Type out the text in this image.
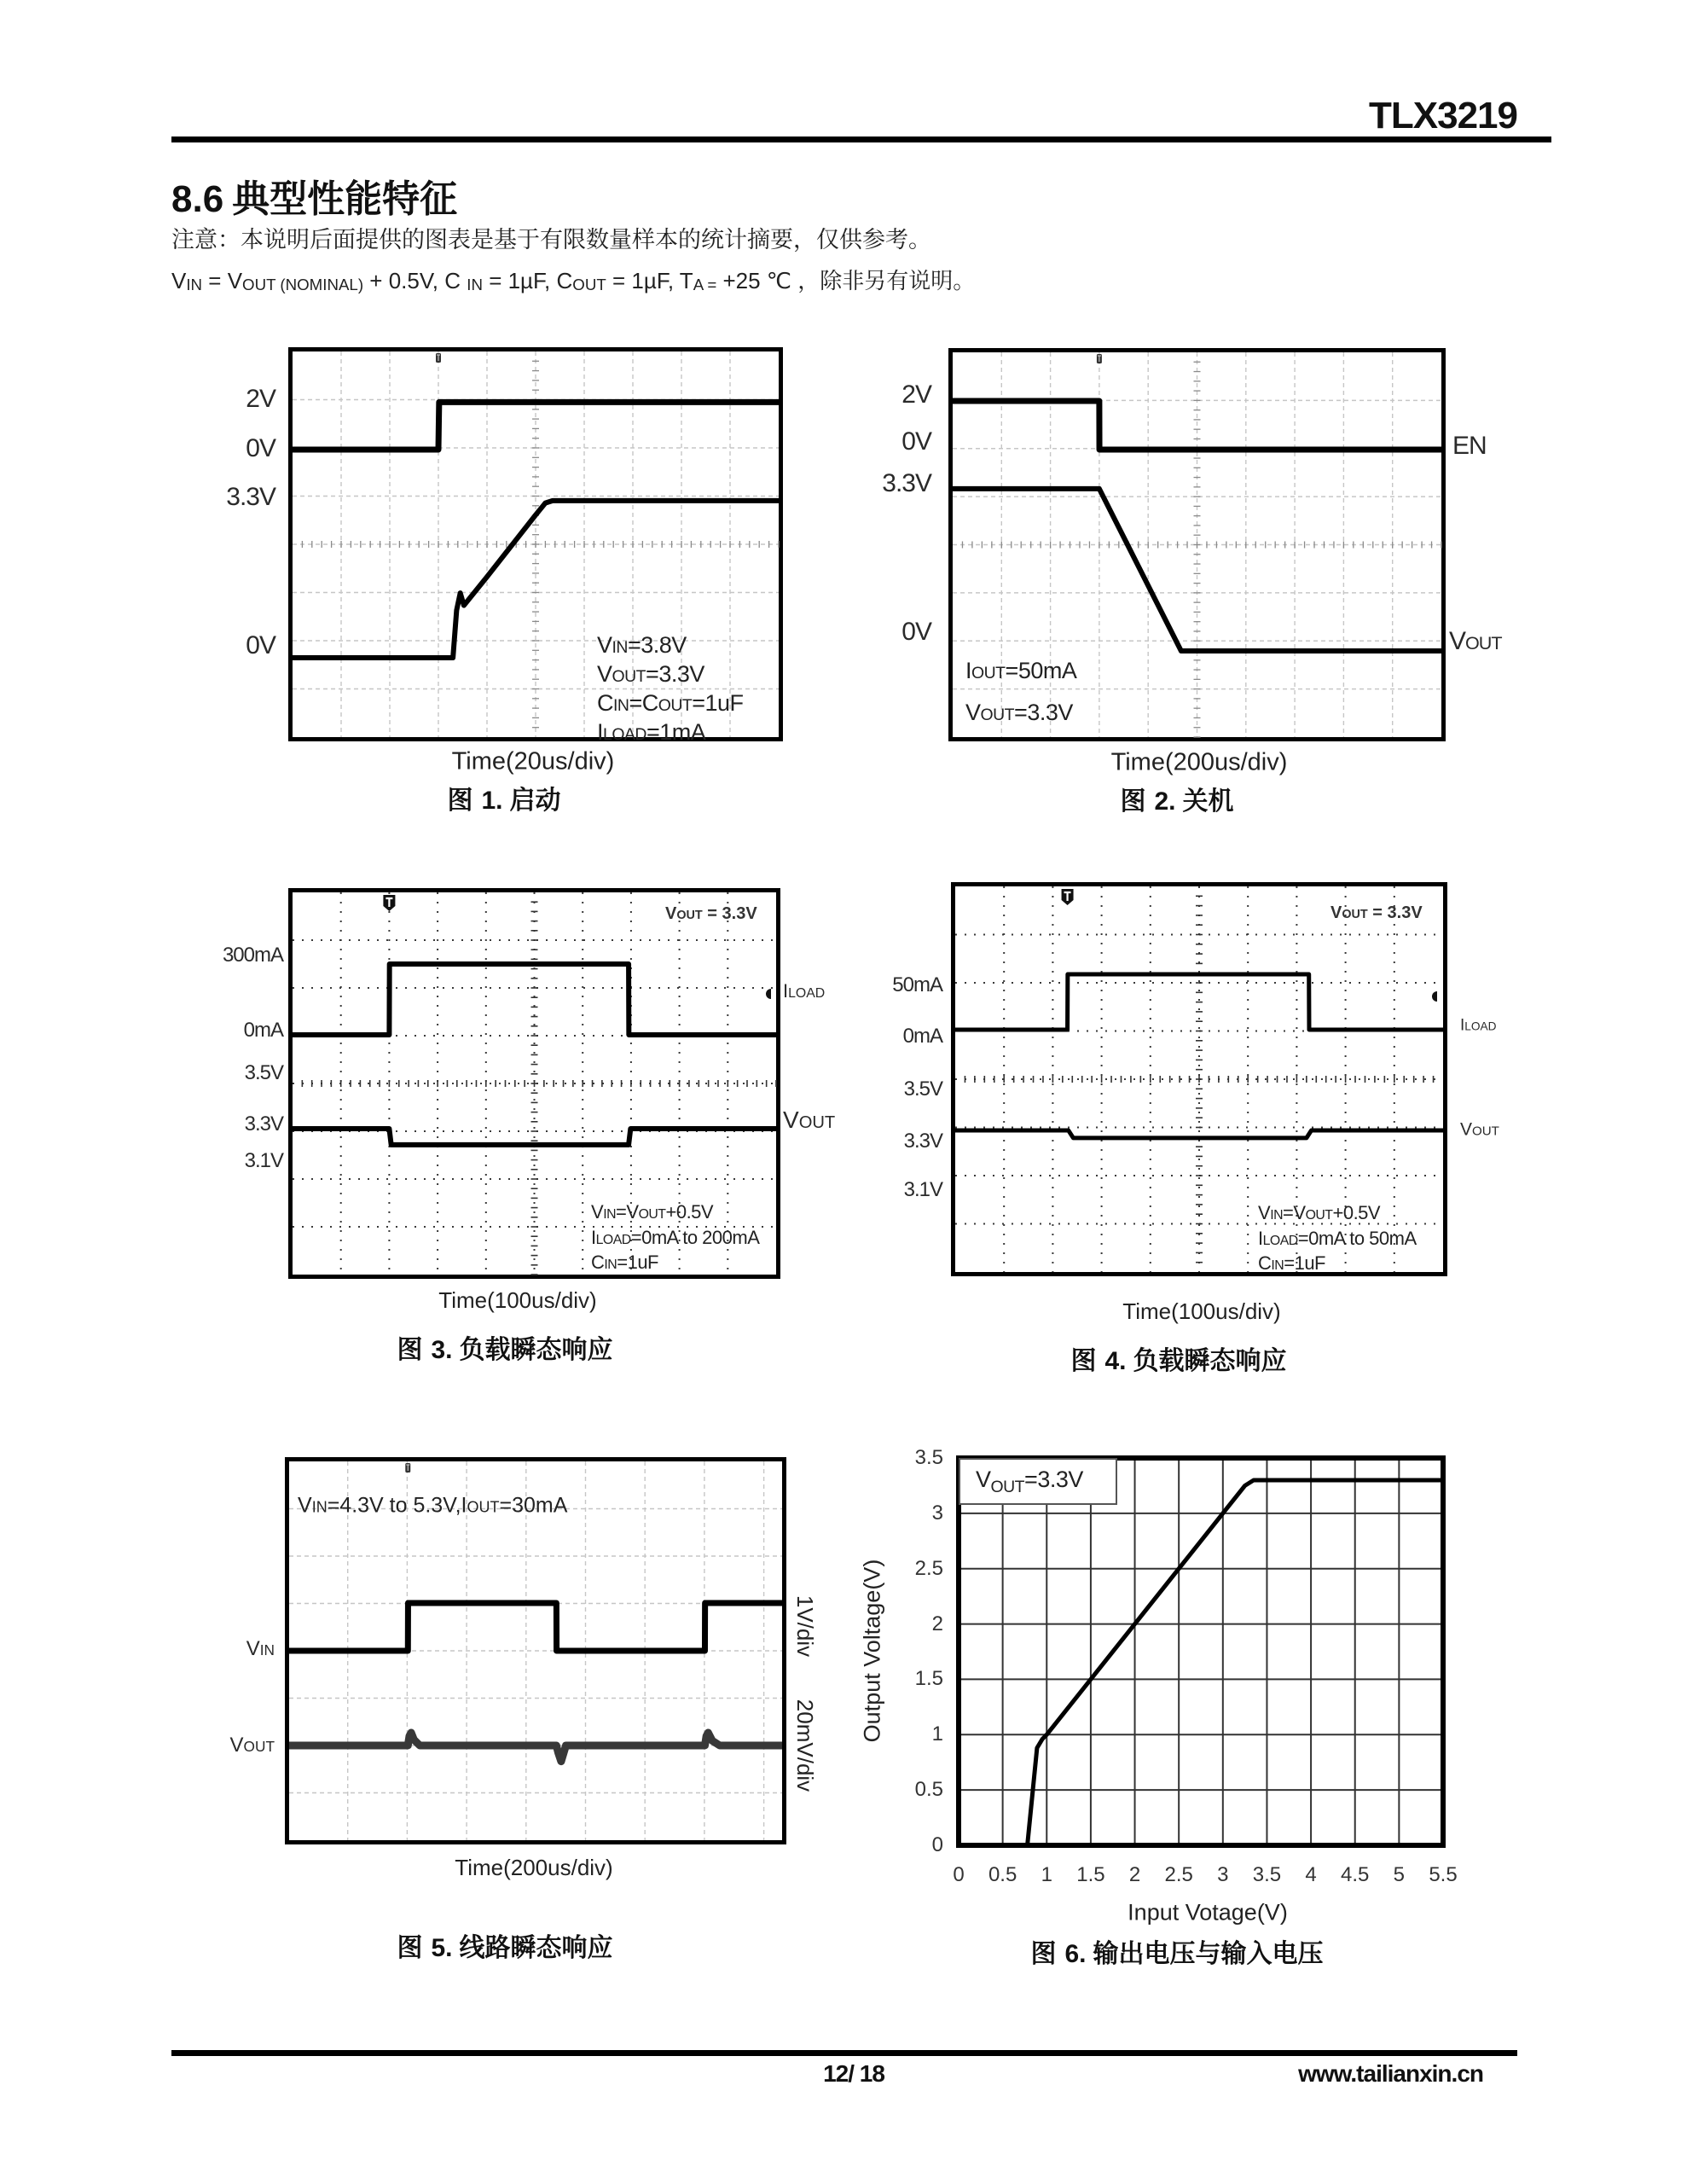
TLX3219
8.6 典型性能特征
注意：本说明后面提供的图表是基于有限数量样本的统计摘要，仅供参考。
VIN = VOUT (NOMINAL) + 0.5V, C IN = 1µF, COUT = 1µF, TA = +25 ℃ ，除非另有说明。
2V
0V
3.3V
0V	VIN=3.8V
VOUT=3.3V
CIN=COUT=1uF
ILOAD=1mA
Time(20us/div)
图 1. 启动
2V
0V
3.3V
0V
EN
VOUT
IOUT=50mA
VOUT=3.3V
Time(200us/div)
图 2. 关机
300mA
0mA
3.5V
3.3V
3.1V
ILOAD
VOUT
VOUT = 3.3V
VIN=VOUT+0.5V
ILOAD=0mA to 200mA
CIN=1uF
Time(100us/div)
图 3. 负载瞬态响应
50mA
0mA
3.5V
3.3V
3.1V
ILOAD
VOUT
VOUT = 3.3V
VIN=VOUT+0.5V
ILOAD=0mA to 50mA
CIN=1uF
Time(100us/div)
图 4. 负载瞬态响应
VIN
VOUT
1V/div
20mV/div
VIN=4.3V to 5.3V,IOUT=30mA
Time(200us/div)
图 5. 线路瞬态响应
$V_{OUT}=3.3V$
Output Voltage(V)
Input Votage(V)
图 6. 输出电压与输入电压
12/ 18	www.tailianxin.cn
0 0.5 1 1.5 2 2.5 3 3.5 4 4.5 5 5.5
0
0.5
1
1.5
2
2.5
3
3.5
